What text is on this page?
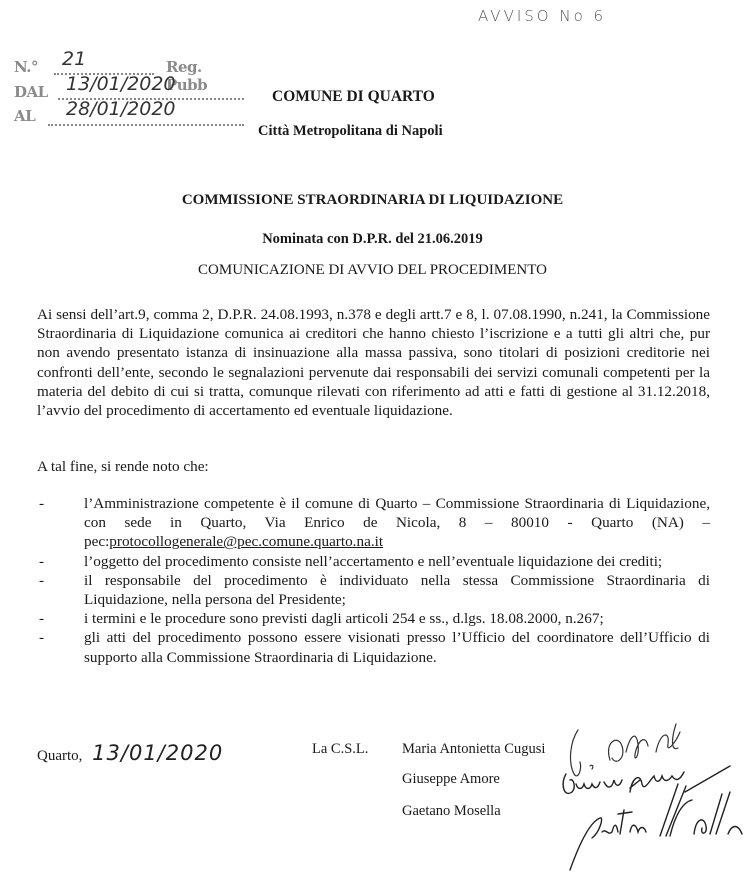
AVVISO No 6
N.° 21	Reg. Pubb
DAL 13/01/2020
AL 28/01/2020
COMUNE DI QUARTO
Città Metropolitana di Napoli
COMMISSIONE STRAORDINARIA DI LIQUIDAZIONE
Nominata con D.P.R. del 21.06.2019
COMUNICAZIONE DI AVVIO DEL PROCEDIMENTO
Ai sensi dell’art.9, comma 2, D.P.R. 24.08.1993, n.378 e degli artt.7 e 8, l. 07.08.1990, n.241, la Commissione Straordinaria di Liquidazione comunica ai creditori che hanno chiesto l’iscrizione e a tutti gli altri che, pur non avendo presentato istanza di insinuazione alla massa passiva, sono titolari di posizioni creditorie nei confronti dell’ente, secondo le segnalazioni pervenute dai responsabili dei servizi comunali competenti per la materia del debito di cui si tratta, comunque rilevati con riferimento ad atti e fatti di gestione al 31.12.2018, l’avvio del procedimento di accertamento ed eventuale liquidazione.
A tal fine, si rende noto che:
-	l’Amministrazione competente è il comune di Quarto – Commissione Straordinaria di Liquidazione, con sede in Quarto, Via Enrico de Nicola, 8 – 80010 - Quarto (NA) – pec:protocollogenerale@pec.comune.quarto.na.it
-	l’oggetto del procedimento consiste nell’accertamento e nell’eventuale liquidazione dei crediti;
-	il responsabile del procedimento è individuato nella stessa Commissione Straordinaria di Liquidazione, nella persona del Presidente;
-	i termini e le procedure sono previsti dagli articoli 254 e ss., d.lgs. 18.08.2000, n.267;
-	gli atti del procedimento possono essere visionati presso l’Ufficio del coordinatore dell’Ufficio di supporto alla Commissione Straordinaria di Liquidazione.
Quarto, 13/01/2020	La C.S.L. Maria Antonietta Cugusi
Giuseppe Amore
Gaetano Mosella
